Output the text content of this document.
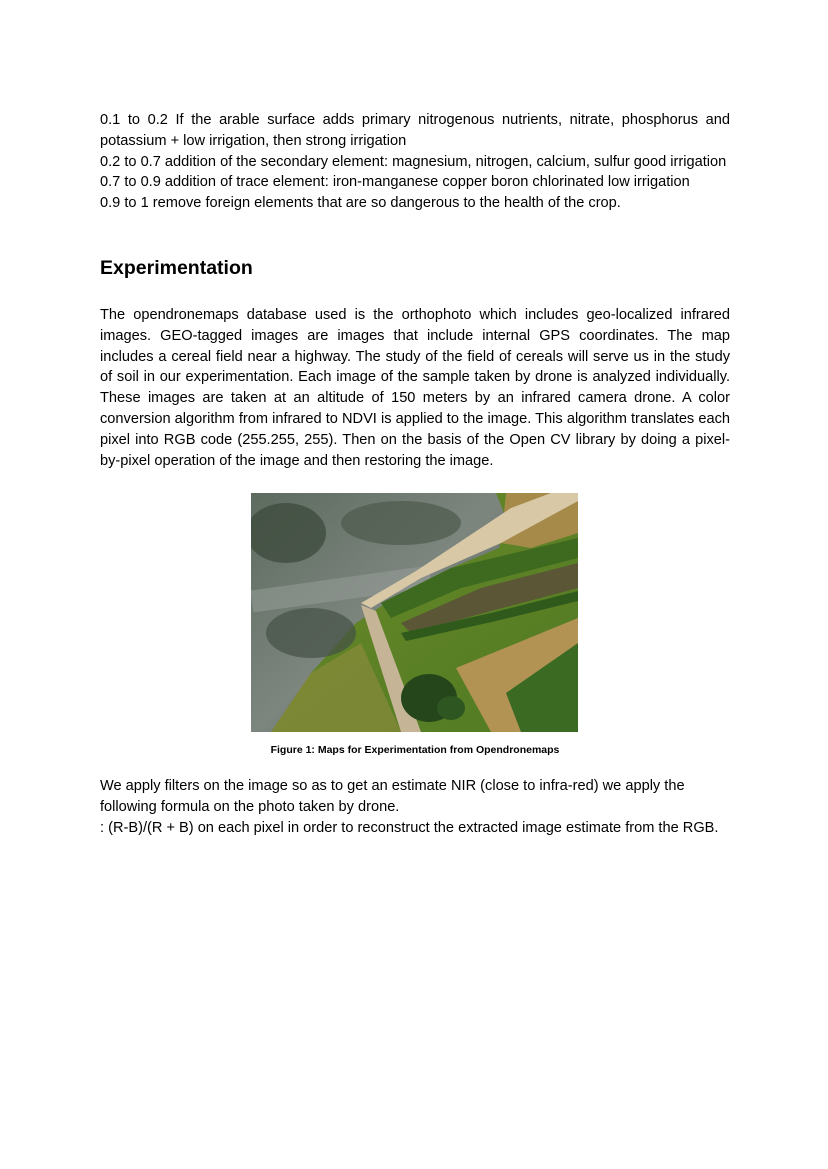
0.1 to 0.2 If the arable surface adds primary nitrogenous nutrients, nitrate, phosphorus and potassium + low irrigation, then strong irrigation

0.2 to 0.7 addition of the secondary element: magnesium, nitrogen, calcium, sulfur good irrigation

0.7 to 0.9 addition of trace element: iron-manganese copper boron chlorinated low irrigation

0.9 to 1 remove foreign elements that are so dangerous to the health of the crop.

Experimentation

The opendronemaps database used is the orthophoto which includes geo-localized infrared images. GEO-tagged images are images that include internal GPS coordinates. The map includes a cereal field near a highway. The study of the field of cereals will serve us in the study of soil in our experimentation. Each image of the sample taken by drone is analyzed individually. These images are taken at an altitude of 150 meters by an infrared camera drone. A color conversion algorithm from infrared to NDVI is applied to the image. This algorithm translates each pixel into RGB code (255.255, 255). Then on the basis of the Open CV library by doing a pixel-by-pixel operation of the image and then restoring the image.

Figure 1: Maps for Experimentation from Opendronemaps

We apply filters on the image so as to get an estimate NIR (close to infra-red) we apply the following formula on the photo taken by drone.

: (R-B)/(R + B) on each pixel in order to reconstruct the extracted image estimate from the RGB.
